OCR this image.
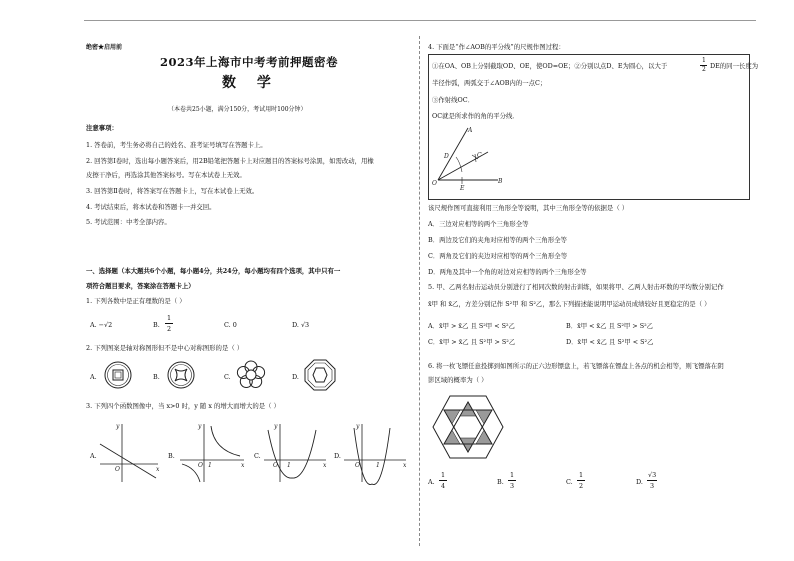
绝密★启用前
2023年上海市中考考前押题密卷
数 学
（本卷共25小题，满分150分，考试用时100分钟）
注意事项：
1. 答卷前，考生务必将自己的姓名、准考证号填写在答题卡上。
2. 回答第Ⅰ卷时，选出每小题答案后，用2B铅笔把答题卡上对应题目的答案标号涂黑，如需改动，用橡
皮擦干净后，再选涂其他答案标号。写在本试卷上无效。
3. 回答第Ⅱ卷时，将答案写在答题卡上，写在本试卷上无效。
4. 考试结束后，将本试卷和答题卡一并交回。
5. 考试范围：中考全部内容。
一、选择题（本大题共6个小题，每小题4分，共24分，每小题均有四个选项，其中只有一
项符合题目要求，答案涂在答题卡上）
1. 下列各数中是正有理数的是（ ）
A. −√2	B.
1
2	C. 0	D. √3
2. 下列图案是轴对称图形但不是中心对称图形的是（ ）
A.	B.	C.	D.
3. 下列四个函数图像中，当 x>0 时，y 随 x 的增大而增大的是（ ）
A.
x
y
O
B.
x
y
O 1
C.
x
y
O 1
D.
x
y
O	1
4. 下面是“作∠AOB的平分线”的尺规作图过程：
①在OA、OB上分别截取OD、OE，使OD=OE；②分别以点D、E为圆心，以大于
1
2 DE的同一长度为
半径作弧，两弧交于∠AOB内的一点C；
③作射线OC．
OC就是所求作的角的平分线．
A
B
C
D
E
O
该尺规作图可直接利用三角形全等说明，其中三角形全等的依据是（ ）
A．三边对应相等的两个三角形全等
B．两边及它们的夹角对应相等的两个三角形全等
C．两角及它们的夹边对应相等的两个三角形全等
D．两角及其中一个角的对边对应相等的两个三角形全等
5. 甲、乙两名射击运动员分别进行了相同次数的射击训练，如果将甲、乙两人射击环数的平均数分别记作
x̄甲 和 x̄乙，方差分别记作 S²甲 和 S²乙，那么下列描述能说明甲运动员成绩较好且更稳定的是（ ）
A．x̄甲 > x̄乙 且 S²甲 < S²乙	B．x̄甲 < x̄乙 且 S²甲 > S²乙
C．x̄甲 > x̄乙 且 S²甲 > S²乙	D．x̄甲 < x̄乙 且 S²甲 < S²乙
6. 将一枚飞镖任意投掷到如图所示的正六边形镖盘上，若飞镖落在镖盘上各点的机会相等，则飞镖落在阴
影区域的概率为（ ）
A.
1
4	B.
1
3	C.
1
2	D.
√3
3
